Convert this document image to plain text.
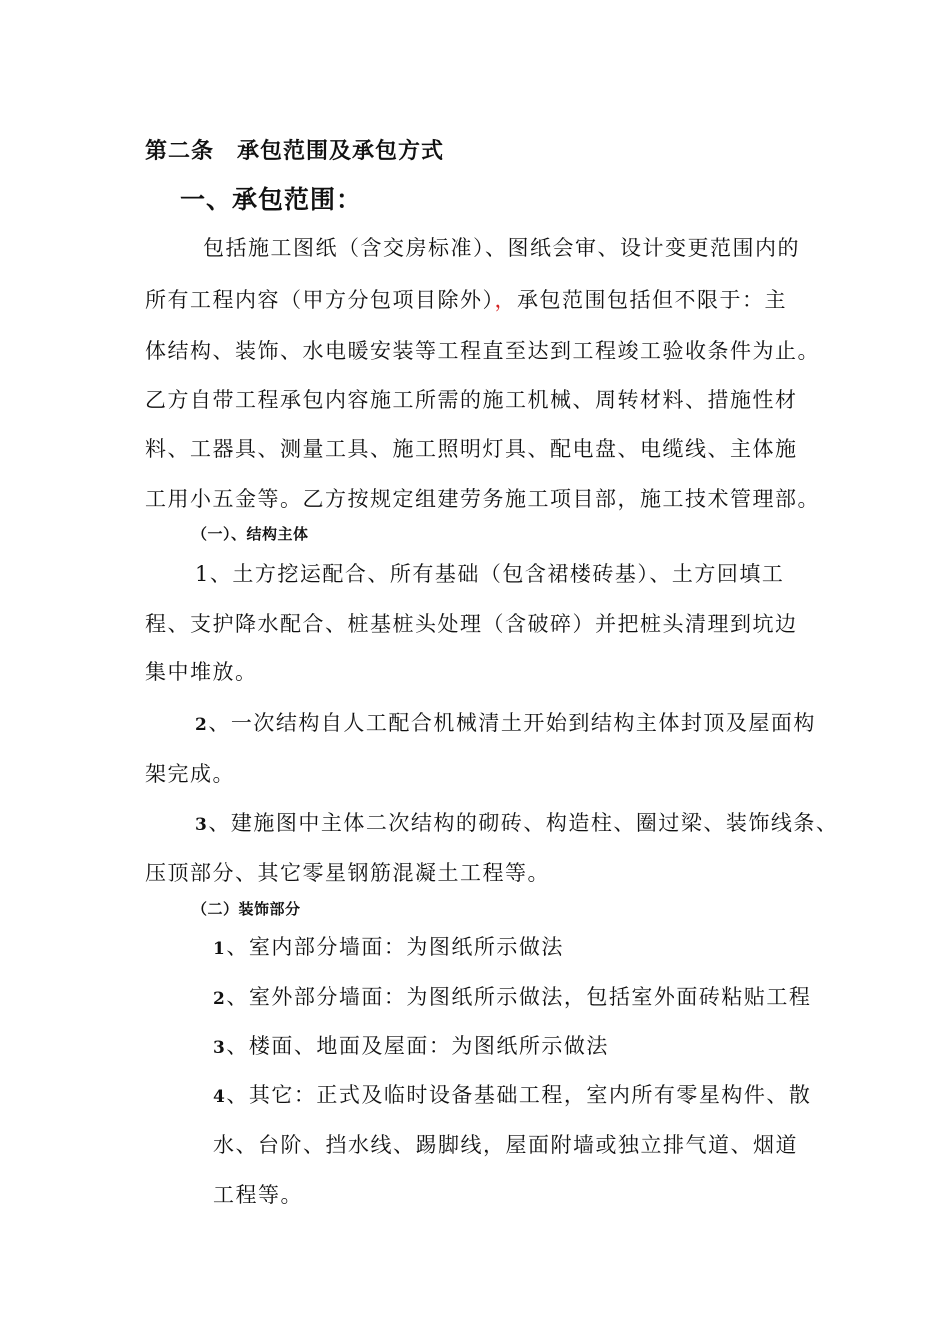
第二条　承包范围及承包方式
一、承包范围：
包括施工图纸（含交房标准）、图纸会审、设计变更范围内的
所有工程内容（甲方分包项目除外），承包范围包括但不限于：主
体结构、装饰、水电暖安装等工程直至达到工程竣工验收条件为止。
乙方自带工程承包内容施工所需的施工机械、周转材料、措施性材
料、工器具、测量工具、施工照明灯具、配电盘、电缆线、主体施
工用小五金等。乙方按规定组建劳务施工项目部，施工技术管理部。
（一）、结构主体
1、土方挖运配合、所有基础（包含裙楼砖基）、土方回填工
程、支护降水配合、桩基桩头处理（含破碎）并把桩头清理到坑边
集中堆放。
2、一次结构自人工配合机械清土开始到结构主体封顶及屋面构
架完成。
3、建施图中主体二次结构的砌砖、构造柱、圈过梁、装饰线条、
压顶部分、其它零星钢筋混凝土工程等。
（二）装饰部分
1、室内部分墙面：为图纸所示做法
2、室外部分墙面：为图纸所示做法，包括室外面砖粘贴工程
3、楼面、地面及屋面：为图纸所示做法
4、其它：正式及临时设备基础工程，室内所有零星构件、散
水、台阶、挡水线、踢脚线，屋面附墙或独立排气道、烟道
工程等。
